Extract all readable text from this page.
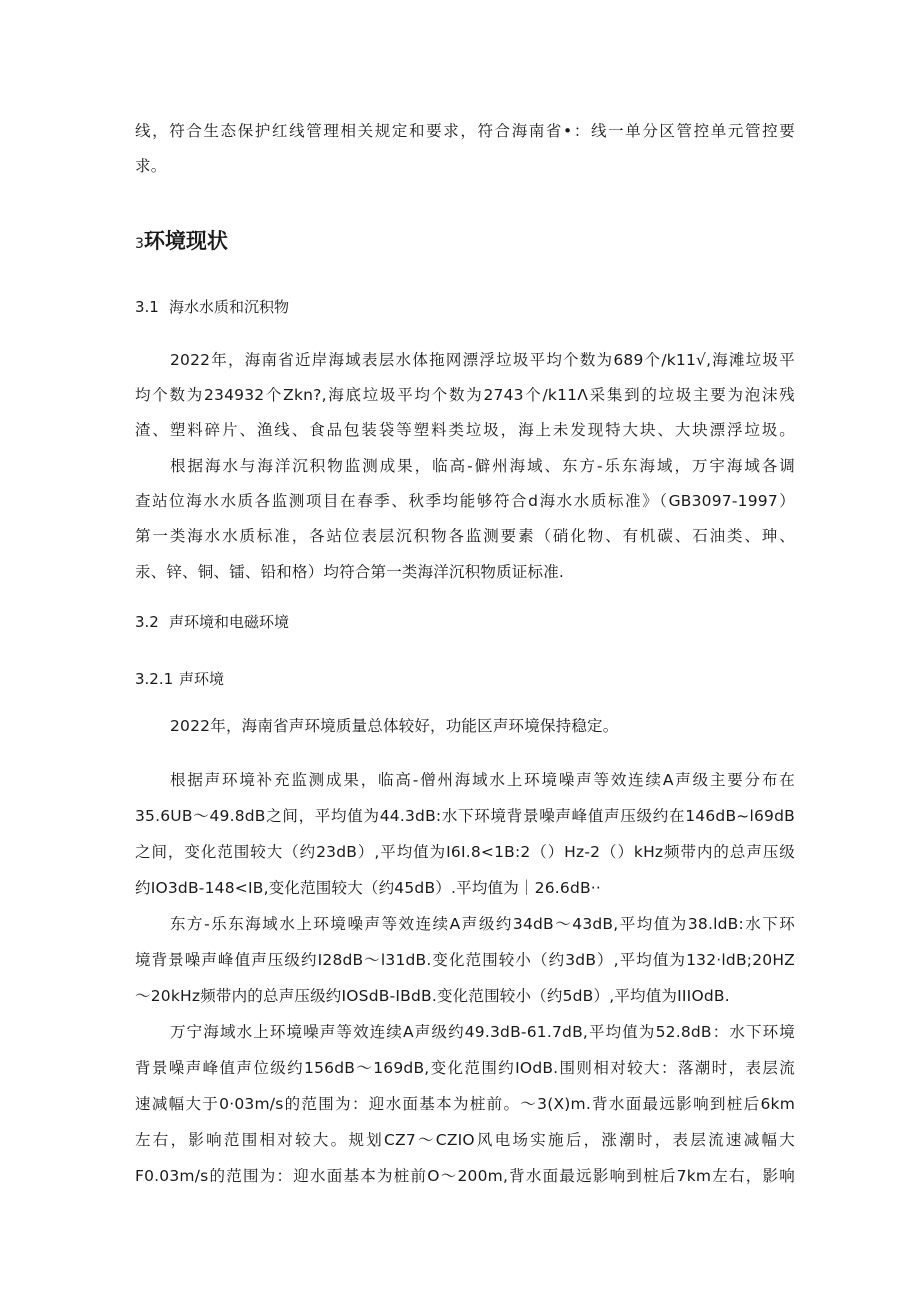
线，符合生态保护红线管理相关规定和要求，符合海南省•：线一单分区管控单元管控要
求。
3环境现状
3.1 海水水质和沉积物
2022年，海南省近岸海域表层水体拖网漂浮垃圾平均个数为689个/k11√,海滩垃圾平
均个数为234932个Zkn?,海底垃圾平均个数为2743个/k11Λ采集到的垃圾主要为泡沫残
渣、塑料碎片、渔线、食品包装袋等塑料类垃圾，海上未发现特大块、大块漂浮垃圾。
根据海水与海洋沉积物监测成果，临高-僻州海域、东方-乐东海域，万宇海域各调
查站位海水水质各监测项目在春季、秋季均能够符合d海水水质标准》（GB3097-1997）
第一类海水水质标准，各站位表层沉积物各监测要素（硝化物、有机碳、石油类、珅、
汞、锌、铜、镭、铅和格）均符合第一类海洋沉积物质证标准.
3.2 声环境和电磁环境
3.2.1 声环境
2022年，海南省声环境质量总体较好，功能区声环境保持稳定。
根据声环境补充监测成果，临高-僧州海域水上环境噪声等效连续A声级主要分布在
35.6UB～49.8dB之间，平均值为44.3dB:水下环境背景噪声峰值声压级约在146dB~l69dB
之间，变化范围较大（约23dB）,平均值为I6I.8<1B:2（）Hz-2（）kHz频带内的总声压级
约IO3dB-148<IB,变化范围较大（约45dB）.平均值为｜26.6dB··
东方-乐东海域水上环境噪声等效连续A声级约34dB～43dB,平均值为38.ldB:水下环
境背景噪声峰值声压级约I28dB～l31dB.变化范围较小（约3dB）,平均值为132·ldB;20HZ
～20kHz频带内的总声压级约IOSdB-IBdB.变化范围较小（约5dB）,平均值为IIIOdB.
万宁海域水上环境噪声等效连续A声级约49.3dB-61.7dB,平均值为52.8dB：水下环境
背景噪声峰值声位级约156dB～169dB,变化范围约IOdB.围则相对较大：落潮时，表层流
速减幅大于0·03m∕s的范围为：迎水面基本为桩前。～3(X)m.背水面最远影响到桩后6km
左右，影响范围相对较大。规划CZ7～CZIO风电场实施后，涨潮时，表层流速减幅大
F0.03m∕s的范围为：迎水面基本为桩前O～200m,背水面最远影响到桩后7km左右，影响
